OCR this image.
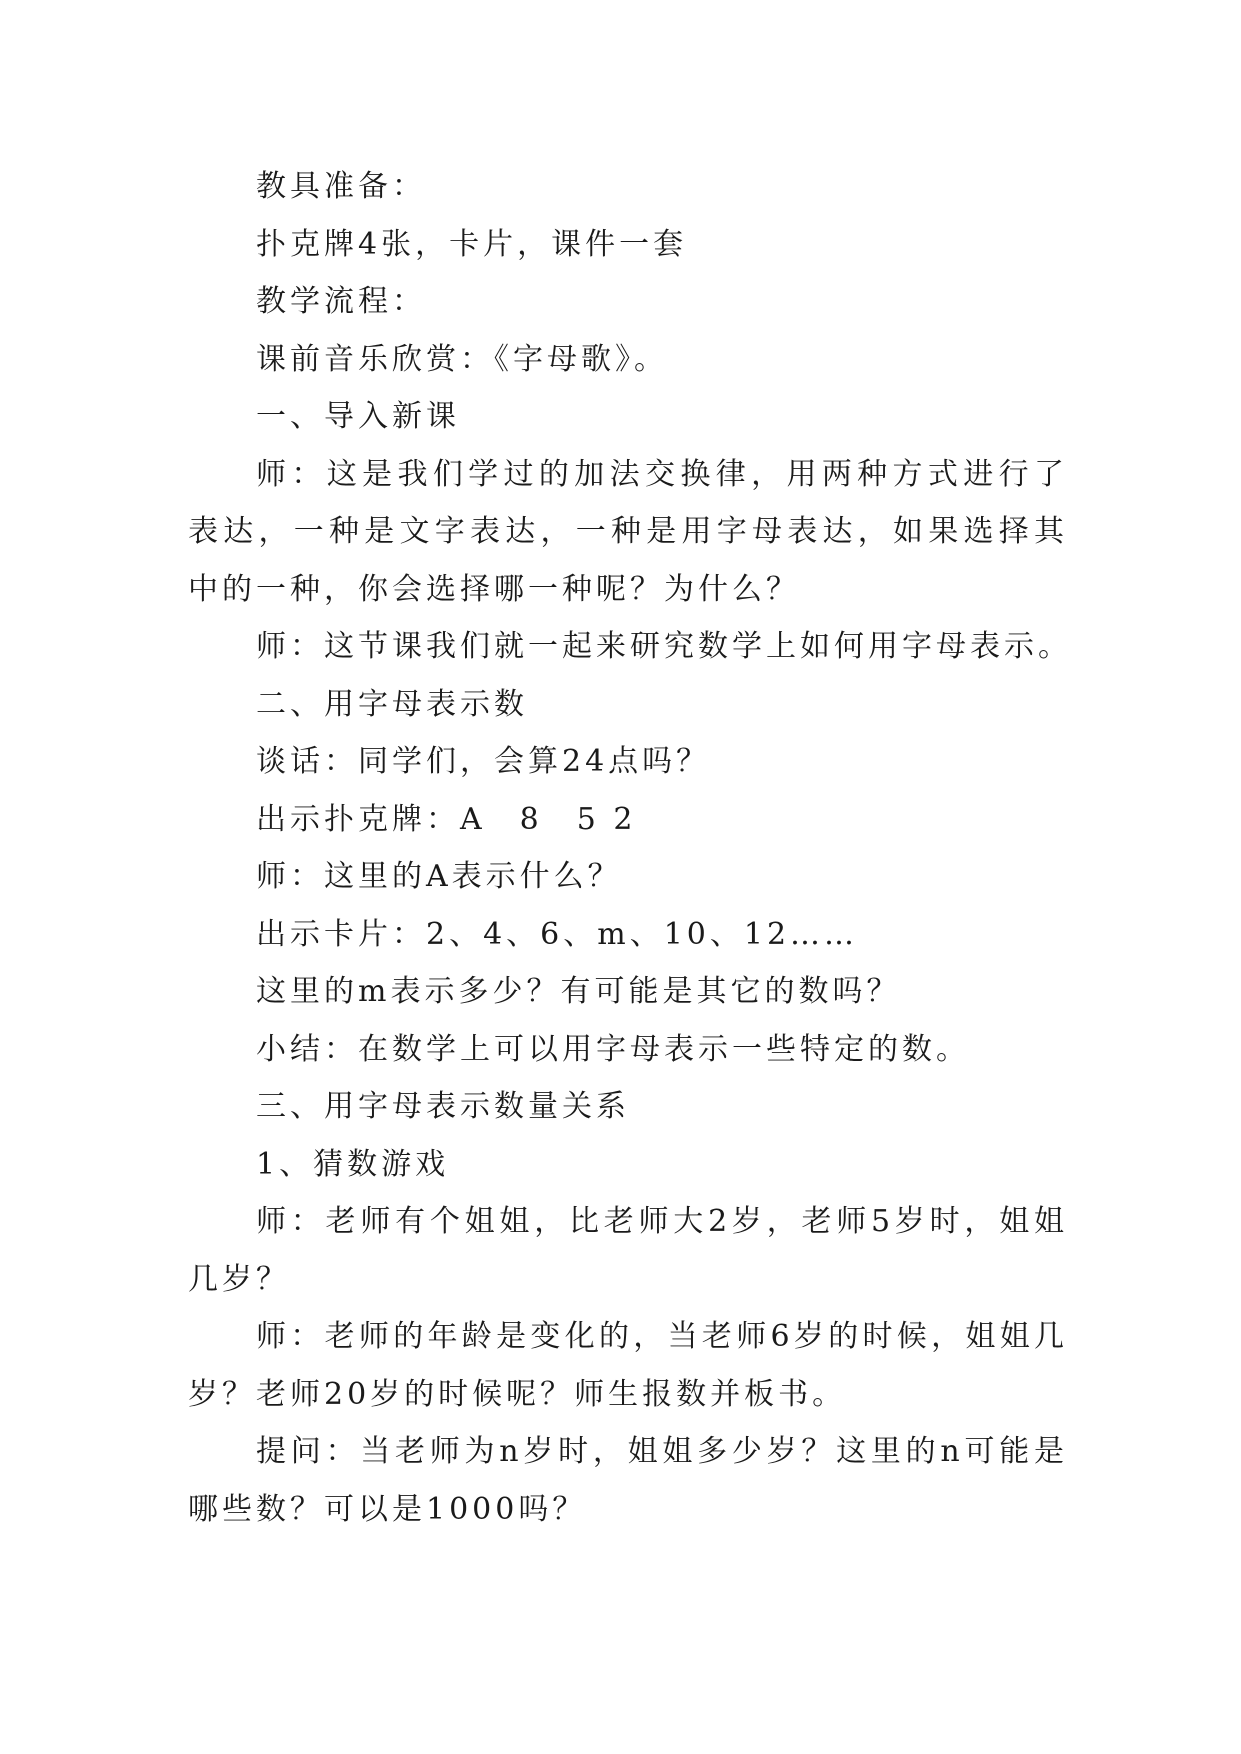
教具准备：

扑克牌4张，卡片，课件一套

教学流程：

课前音乐欣赏：《字母歌》。

一、导入新课

师：这是我们学过的加法交换律，用两种方式进行了表达，一种是文字表达，一种是用字母表达，如果选择其中的一种，你会选择哪一种呢？为什么？

师：这节课我们就一起来研究数学上如何用字母表示。

二、用字母表示数

谈话：同学们，会算24点吗？

出示扑克牌：A　8　5 2

师：这里的A表示什么？

出示卡片：2、4、6、m、10、12……

这里的m表示多少？有可能是其它的数吗？

小结：在数学上可以用字母表示一些特定的数。

三、用字母表示数量关系

1、猜数游戏

师：老师有个姐姐，比老师大2岁，老师5岁时，姐姐几岁？

师：老师的年龄是变化的，当老师6岁的时候，姐姐几岁？老师20岁的时候呢？师生报数并板书。

提问：当老师为n岁时，姐姐多少岁？这里的n可能是哪些数？可以是1000吗？
